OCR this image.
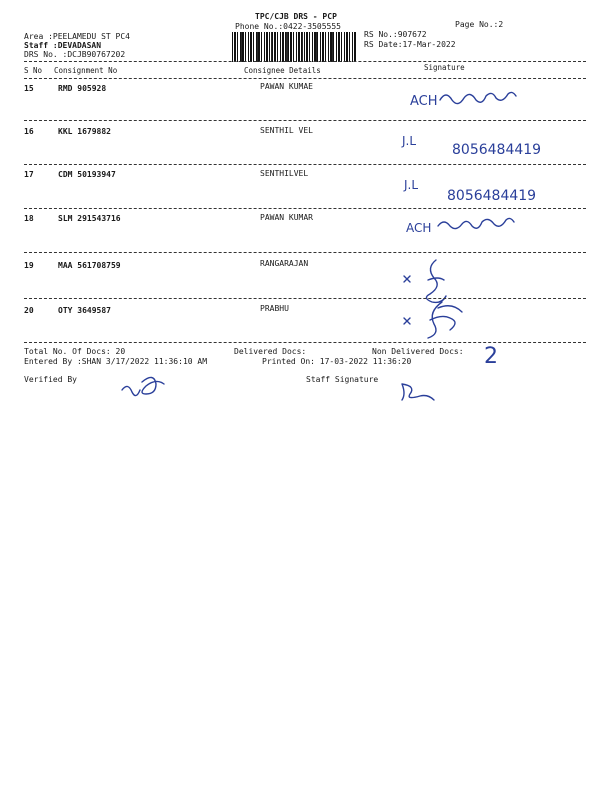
TPC/CJB DRS - PCP
Phone No.:0422-3505555	Page No.:2
Area :PEELAMEDU ST PC4
Staff :DEVADASAN
DRS No. :DCJB90767202
RS No.:907672
RS Date:17-Mar-2022
S No Consignment No	Consignee Details	Signature
15	RMD 905928	PAWAN KUMAE
ACH
16	KKL 1679882	SENTHIL VEL
J.L
8056484419
17	CDM 50193947	SENTHILVEL
J.L
8056484419
18	SLM 291543716	PAWAN KUMAR
ACH
19	MAA 561708759	RANGARAJAN
20	OTY 3649587	PRABHU
Total No. Of Docs: 20	Delivered Docs:	Non Delivered Docs: 2
Entered By :SHAN 3/17/2022 11:36:10 AM	Printed On: 17-03-2022 11:36:20
Verified By	Staff Signature
